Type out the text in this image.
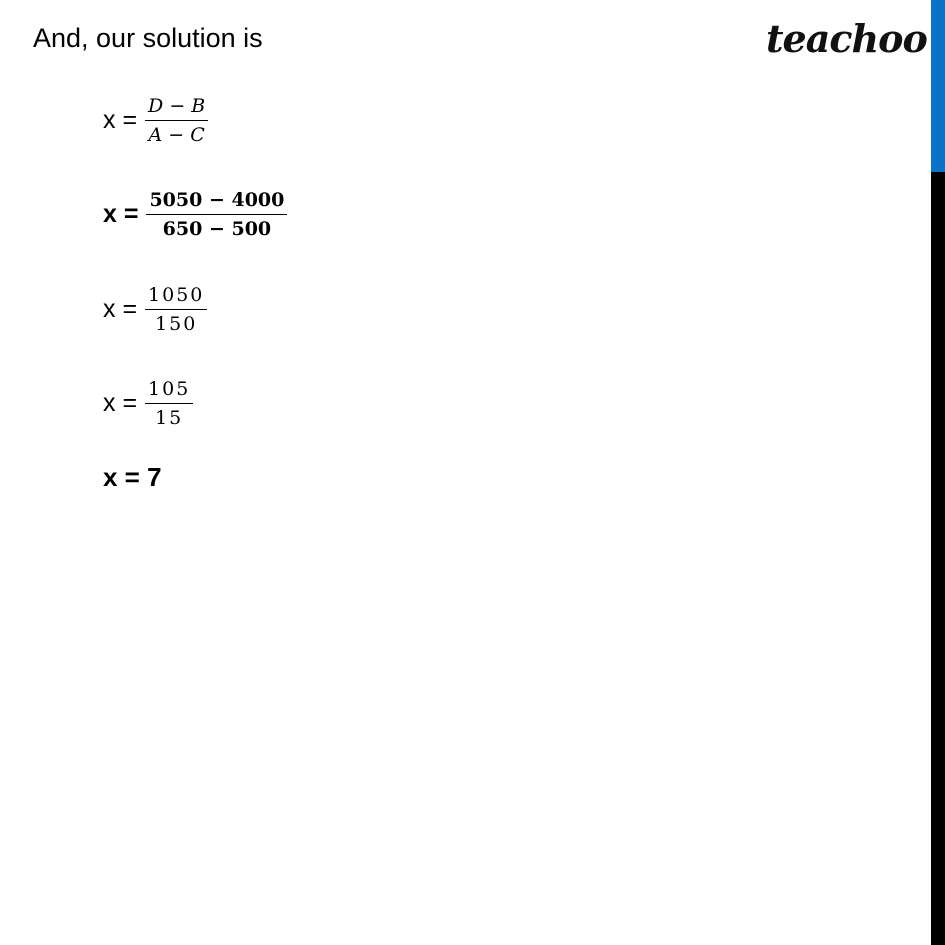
And, our solution is	teachoo
$x = \frac{D - B}{A - C}$
$x = \frac{5050 - 4000}{650 - 500}$
$x = \frac{1050}{150}$
$x = \frac{105}{15}$
x = 7
